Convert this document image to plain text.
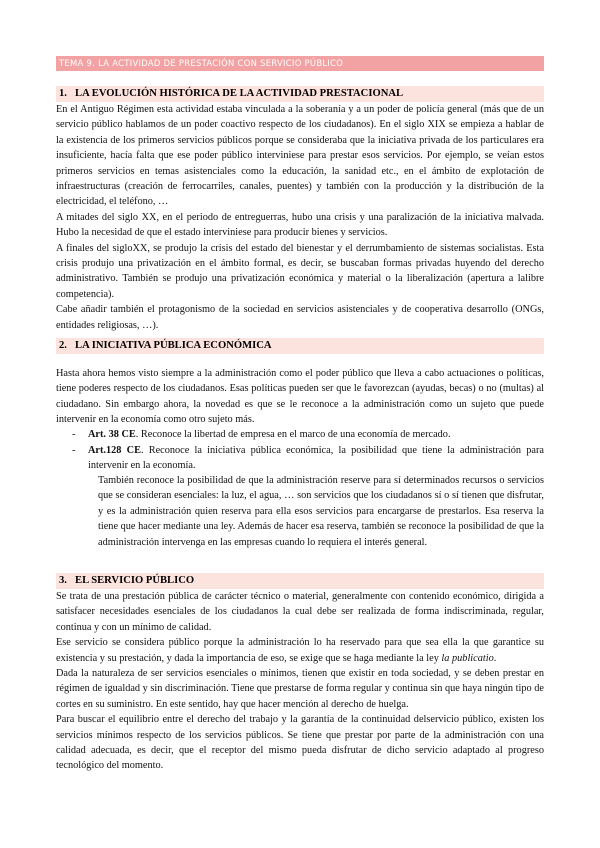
TEMA 9. LA ACTIVIDAD DE PRESTACIÓN CON SERVICIO PÚBLICO
1. LA EVOLUCIÓN HISTÓRICA DE LA ACTIVIDAD PRESTACIONAL

En el Antiguo Régimen esta actividad estaba vinculada a la soberanía y a un poder de policía general (más que de un servicio público hablamos de un poder coactivo respecto de los ciudadanos). En el siglo XIX se empieza a hablar de la existencia de los primeros servicios públicos porque se consideraba que la iniciativa privada de los particulares era insuficiente, hacía falta que ese poder público interviniese para prestar esos servicios. Por ejemplo, se veían estos primeros servicios en temas asistenciales como la educación, la sanidad etc., en el ámbito de explotación de infraestructuras (creación de ferrocarriles, canales, puentes) y también con la producción y la distribución de la electricidad, el teléfono, …

A mitades del siglo XX, en el periodo de entreguerras, hubo una crisis y una paralización de la iniciativa malvada. Hubo la necesidad de que el estado interviniese para producir bienes y servicios.

A finales del sigloXX, se produjo la crisis del estado del bienestar y el derrumbamiento de sistemas socialistas. Esta crisis produjo una privatización en el ámbito formal, es decir, se buscaban formas privadas huyendo del derecho administrativo. También se produjo una privatización económica y material o la liberalización (apertura a lalibre competencia).

Cabe añadir también el protagonismo de la sociedad en servicios asistenciales y de cooperativa desarrollo (ONGs, entidades religiosas, …).

2. LA INICIATIVA PÚBLICA ECONÓMICA
Hasta ahora hemos visto siempre a la administración como el poder público que lleva a cabo actuaciones o políticas, tiene poderes respecto de los ciudadanos. Esas políticas pueden ser que le favorezcan (ayudas, becas) o no (multas) al ciudadano. Sin embargo ahora, la novedad es que se le reconoce a la administración como un sujeto que puede intervenir en la economía como otro sujeto más.
- Art. 38 CE. Reconoce la libertad de empresa en el marco de una economía de mercado.
- Art.128 CE. Reconoce la iniciativa pública económica, la posibilidad que tiene la administración para intervenir en la economía.
También reconoce la posibilidad de que la administración reserve para sí determinados recursos o servicios que se consideran esenciales: la luz, el agua, … son servicios que los ciudadanos sí o sí tienen que disfrutar, y es la administración quien reserva para ella esos servicios para encargarse de prestarlos. Esa reserva la tiene que hacer mediante una ley. Además de hacer esa reserva, también se reconoce la posibilidad de que la administración intervenga en las empresas cuando lo requiera el interés general.
3. EL SERVICIO PÚBLICO

Se trata de una prestación pública de carácter técnico o material, generalmente con contenido económico, dirigida a satisfacer necesidades esenciales de los ciudadanos la cual debe ser realizada de forma indiscriminada, regular, continua y con un mínimo de calidad.

Ese servicio se considera público porque la administración lo ha reservado para que sea ella la que garantice su existencia y su prestación, y dada la importancia de eso, se exige que se haga mediante la ley la publicatio.

Dada la naturaleza de ser servicios esenciales o mínimos, tienen que existir en toda sociedad, y se deben prestar en régimen de igualdad y sin discriminación. Tiene que prestarse de forma regular y continua sin que haya ningún tipo de cortes en su suministro. En este sentido, hay que hacer mención al derecho de huelga.

Para buscar el equilibrio entre el derecho del trabajo y la garantía de la continuidad delservicio público, existen los servicios mínimos respecto de los servicios públicos. Se tiene que prestar por parte de la administración con una calidad adecuada, es decir, que el receptor del mismo pueda disfrutar de dicho servicio adaptado al progreso tecnológico del momento.
